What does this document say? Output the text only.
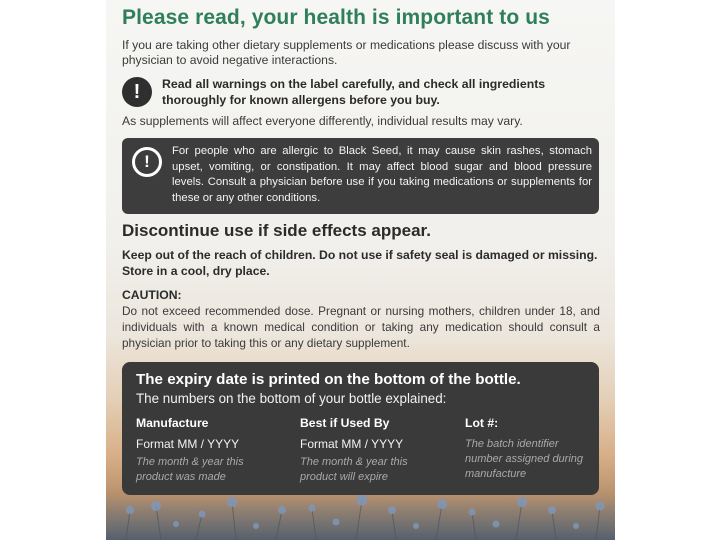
Please read, your health is important to us
If you are taking other dietary supplements or medications please discuss with your physician to avoid negative interactions.
!	Read all warnings on the label carefully, and check all ingredients thoroughly for known allergens before you buy.
As supplements will affect everyone differently, individual results may vary.
!
For people who are allergic to Black Seed, it may cause skin rashes, stomach upset, vomiting, or constipation. It may affect blood sugar and blood pressure levels. Consult a physician before use if you taking medications or supplements for these or any other conditions.
Discontinue use if side effects appear.
Keep out of the reach of children. Do not use if safety seal is damaged or missing. Store in a cool, dry place.
CAUTION:
Do not exceed recommended dose. Pregnant or nursing mothers, children under 18, and individuals with a known medical condition or taking any medication should consult a physician prior to taking this or any dietary supplement.
The expiry date is printed on the bottom of the bottle.
The numbers on the bottom of your bottle explained:
Manufacture
Format MM / YYYY
The month & year this product was made
Best if Used By
Format MM / YYYY
The month & year this product will expire
Lot #:
The batch identifier number assigned during manufacture
